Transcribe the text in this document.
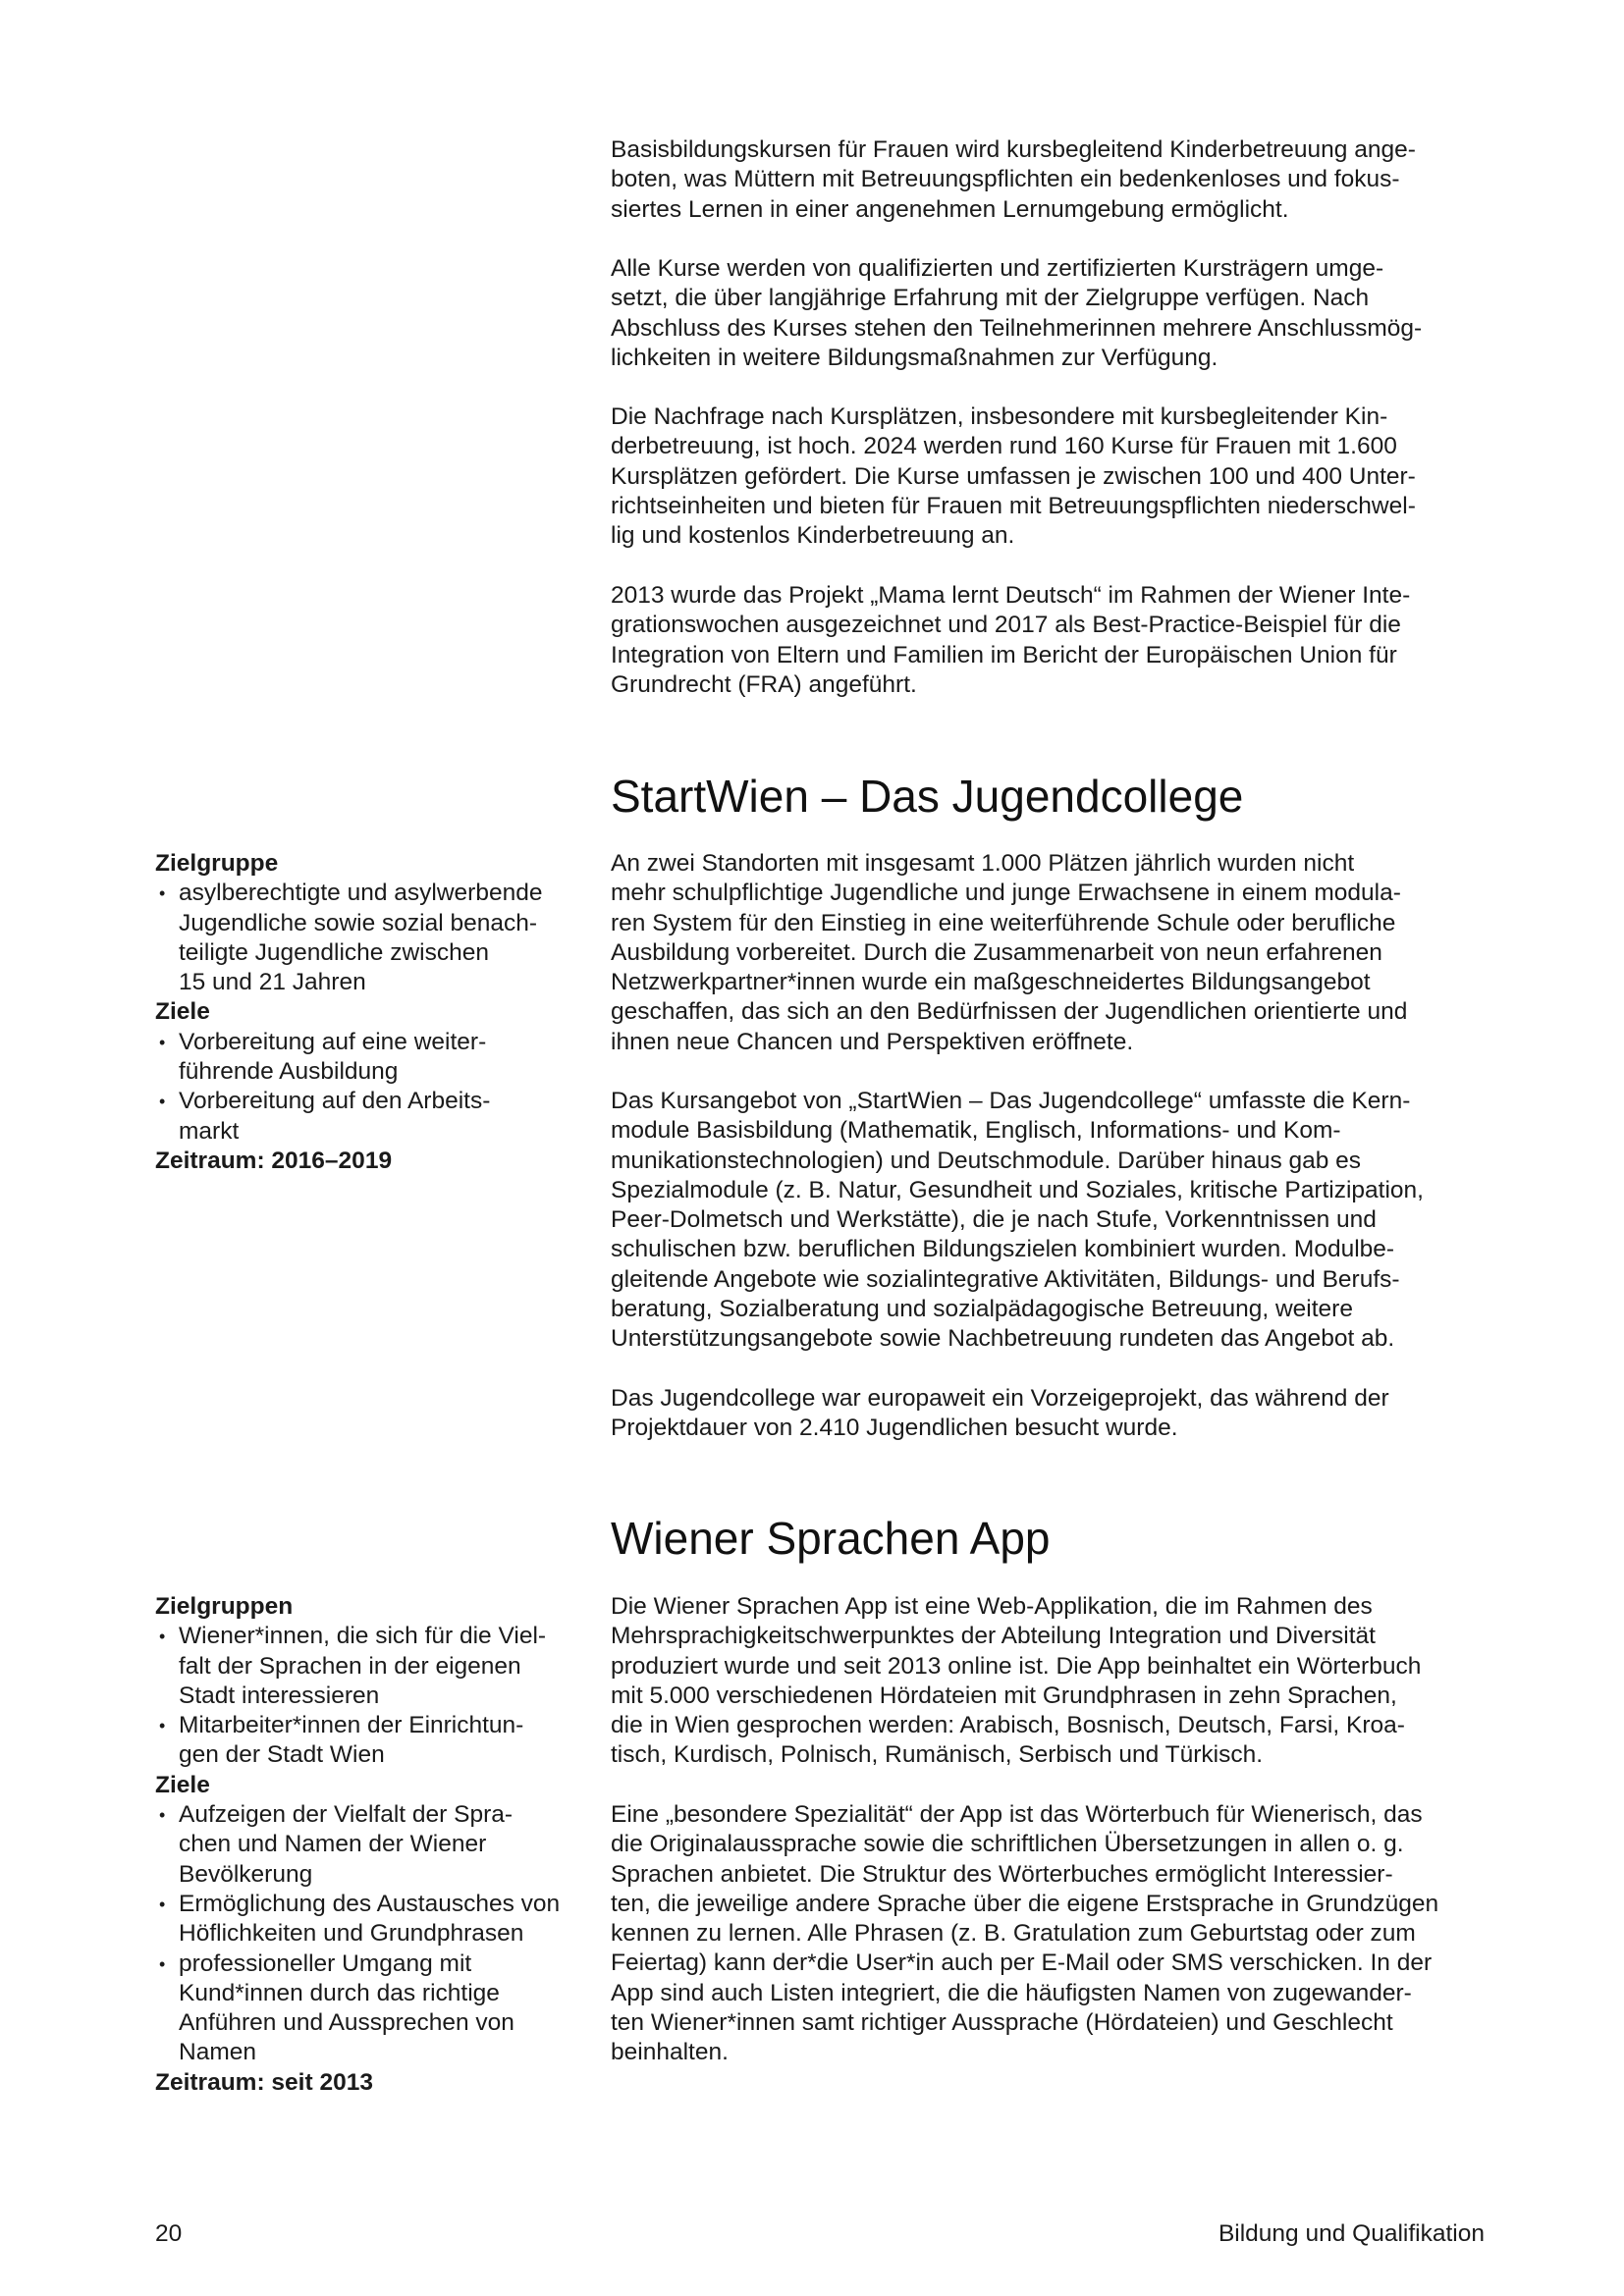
Basisbildungskursen für Frauen wird kursbegleitend Kinderbetreuung ange-
boten, was Müttern mit Betreuungspflichten ein bedenkenloses und fokus-
siertes Lernen in einer angenehmen Lernumgebung ermöglicht.

Alle Kurse werden von qualifizierten und zertifizierten Kursträgern umge-
setzt, die über langjährige Erfahrung mit der Zielgruppe verfügen. Nach
Abschluss des Kurses stehen den Teilnehmerinnen mehrere Anschlussmög-
lichkeiten in weitere Bildungsmaßnahmen zur Verfügung.

Die Nachfrage nach Kursplätzen, insbesondere mit kursbegleitender Kin-
derbetreuung, ist hoch. 2024 werden rund 160 Kurse für Frauen mit 1.600
Kursplätzen gefördert. Die Kurse umfassen je zwischen 100 und 400 Unter-
richtseinheiten und bieten für Frauen mit Betreuungspflichten niederschwel-
lig und kostenlos Kinderbetreuung an.

2013 wurde das Projekt „Mama lernt Deutsch“ im Rahmen der Wiener Inte-
grationswochen ausgezeichnet und 2017 als Best-Practice-Beispiel für die
Integration von Eltern und Familien im Bericht der Europäischen Union für
Grundrecht (FRA) angeführt.

StartWien – Das Jugendcollege

Zielgruppe

• asylberechtigte und asylwerbende
Jugendliche sowie sozial benach-
teiligte Jugendliche zwischen
15 und 21 Jahren

Ziele

• Vorbereitung auf eine weiter-
führende Ausbildung
• Vorbereitung auf den Arbeits-
markt

Zeitraum: 2016–2019

An zwei Standorten mit insgesamt 1.000 Plätzen jährlich wurden nicht
mehr schulpflichtige Jugendliche und junge Erwachsene in einem modula-
ren System für den Einstieg in eine weiterführende Schule oder berufliche
Ausbildung vorbereitet. Durch die Zusammenarbeit von neun erfahrenen
Netzwerkpartner*innen wurde ein maßgeschneidertes Bildungsangebot
geschaffen, das sich an den Bedürfnissen der Jugendlichen orientierte und
ihnen neue Chancen und Perspektiven eröffnete.

Das Kursangebot von „StartWien – Das Jugendcollege“ umfasste die Kern-
module Basisbildung (Mathematik, Englisch, Informations- und Kom-
munikationstechnologien) und Deutschmodule. Darüber hinaus gab es
Spezialmodule (z. B. Natur, Gesundheit und Soziales, kritische Partizipation,
Peer-Dolmetsch und Werkstätte), die je nach Stufe, Vorkenntnissen und
schulischen bzw. beruflichen Bildungszielen kombiniert wurden. Modulbe-
gleitende Angebote wie sozialintegrative Aktivitäten, Bildungs- und Berufs-
beratung, Sozialberatung und sozialpädagogische Betreuung, weitere
Unterstützungsangebote sowie Nachbetreuung rundeten das Angebot ab.

Das Jugendcollege war europaweit ein Vorzeigeprojekt, das während der
Projektdauer von 2.410 Jugendlichen besucht wurde.

Wiener Sprachen App

Zielgruppen

• Wiener*innen, die sich für die Viel-
falt der Sprachen in der eigenen
Stadt interessieren
• Mitarbeiter*innen der Einrichtun-
gen der Stadt Wien

Ziele

• Aufzeigen der Vielfalt der Spra-
chen und Namen der Wiener
Bevölkerung
• Ermöglichung des Austausches von
Höflichkeiten und Grundphrasen
• professioneller Umgang mit
Kund*innen durch das richtige
Anführen und Aussprechen von
Namen

Zeitraum: seit 2013

Die Wiener Sprachen App ist eine Web-Applikation, die im Rahmen des
Mehrsprachigkeitschwerpunktes der Abteilung Integration und Diversität
produziert wurde und seit 2013 online ist. Die App beinhaltet ein Wörterbuch
mit 5.000 verschiedenen Hördateien mit Grundphrasen in zehn Sprachen,
die in Wien gesprochen werden: Arabisch, Bosnisch, Deutsch, Farsi, Kroa-
tisch, Kurdisch, Polnisch, Rumänisch, Serbisch und Türkisch.

Eine „besondere Spezialität“ der App ist das Wörterbuch für Wienerisch, das
die Originalaussprache sowie die schriftlichen Übersetzungen in allen o. g.
Sprachen anbietet. Die Struktur des Wörterbuches ermöglicht Interessier-
ten, die jeweilige andere Sprache über die eigene Erstsprache in Grundzügen
kennen zu lernen. Alle Phrasen (z. B. Gratulation zum Geburtstag oder zum
Feiertag) kann der*die User*in auch per E-Mail oder SMS verschicken. In der
App sind auch Listen integriert, die die häufigsten Namen von zugewander-
ten Wiener*innen samt richtiger Aussprache (Hördateien) und Geschlecht
beinhalten.

20	Bildung und Qualifikation
